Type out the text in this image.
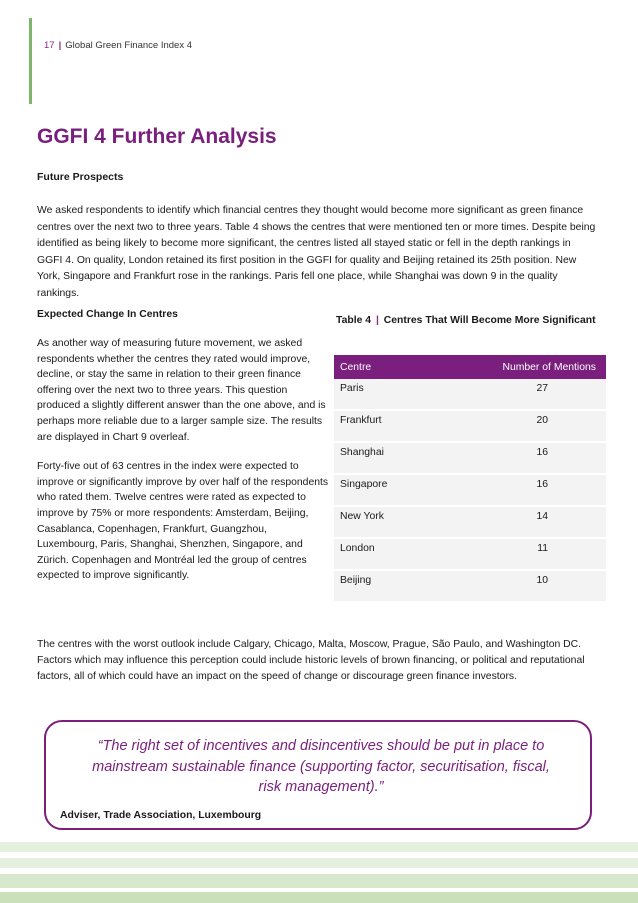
17 | Global Green Finance Index 4
GGFI 4 Further Analysis
Future Prospects

We asked respondents to identify which financial centres they thought would become more significant as green finance centres over the next two to three years. Table 4 shows the centres that were mentioned ten or more times. Despite being identified as being likely to become more significant, the centres listed all stayed static or fell in the depth rankings in GGFI 4. On quality, London retained its first position in the GGFI for quality and Beijing retained its 25th position. New York, Singapore and Frankfurt rose in the rankings. Paris fell one place, while Shanghai was down 9 in the quality rankings.

Expected Change In Centres

As another way of measuring future movement, we asked respondents whether the centres they rated would improve, decline, or stay the same in relation to their green finance offering over the next two to three years. This question produced a slightly different answer than the one above, and is perhaps more reliable due to a larger sample size. The results are displayed in Chart 9 overleaf.

Forty-five out of 63 centres in the index were expected to improve or significantly improve by over half of the respondents who rated them. Twelve centres were rated as expected to improve by 75% or more respondents: Amsterdam, Beijing, Casablanca, Copenhagen, Frankfurt, Guangzhou, Luxembourg, Paris, Shanghai, Shenzhen, Singapore, and Zürich. Copenhagen and Montréal led the group of centres expected to improve significantly.

Table 4 | Centres That Will Become More Significant
Centre	Number of Mentions
Paris	27
Frankfurt	20
Shanghai	16
Singapore	16
New York	14
London	11
Beijing	10

The centres with the worst outlook include Calgary, Chicago, Malta, Moscow, Prague, São Paulo, and Washington DC. Factors which may influence this perception could include historic levels of brown financing, or political and reputational factors, all of which could have an impact on the speed of change or discourage green finance investors.

“The right set of incentives and disincentives should be put in place to mainstream sustainable finance (supporting factor, securitisation, fiscal, risk management).”
Adviser, Trade Association, Luxembourg
